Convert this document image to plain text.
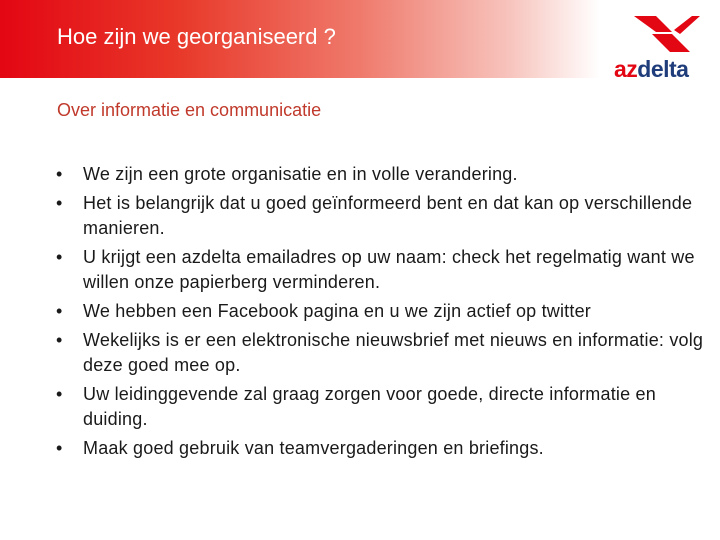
Hoe zijn we georganiseerd ?
azdelta
Over informatie en communicatie
• We zijn een grote organisatie en in volle verandering.
• Het is belangrijk dat u goed geïnformeerd bent en dat kan op verschillende manieren.
• U krijgt een azdelta emailadres op uw naam: check het regelmatig want we willen onze papierberg verminderen.
• We hebben een Facebook pagina en u we zijn actief op twitter
• Wekelijks is er een elektronische nieuwsbrief met nieuws en informatie: volg deze goed mee op.
• Uw leidinggevende zal graag zorgen voor goede, directe informatie en duiding.
• Maak goed gebruik van teamvergaderingen en briefings.
